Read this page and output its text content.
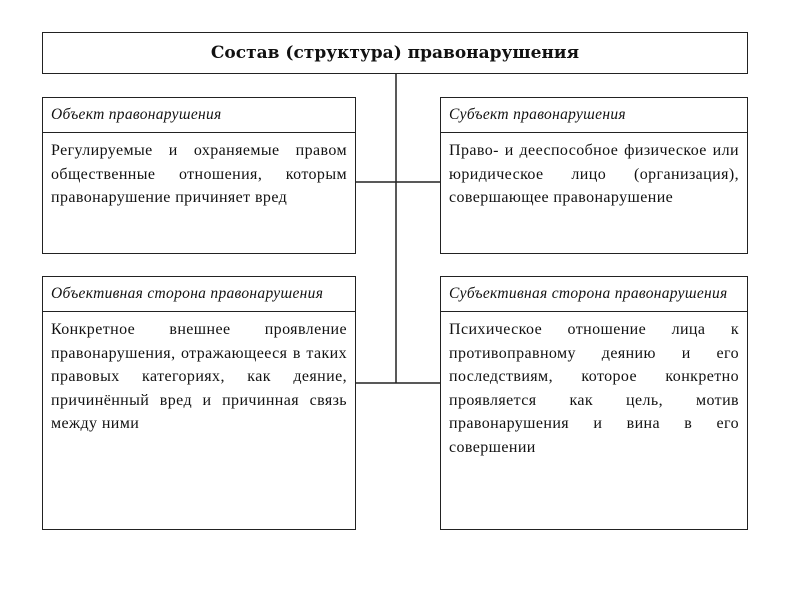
Состав (структура) правонарушения
Объект правонарушения
Регулируемые и охраняемые правом общественные отношения, которым правонарушение причиняет вред
Субъект правонарушения
Право- и дееспособное физическое или юридическое лицо (организация), совершающее правонарушение
Объективная сторона правонарушения
Конкретное внешнее проявление правонарушения, отражающееся в таких правовых категориях, как деяние, причинённый вред и причинная связь между ними
Субъективная сторона правонарушения
Психическое отношение лица к противоправному деянию и его последствиям, которое конкретно проявляется как цель, мотив правонарушения и вина в его совершении
